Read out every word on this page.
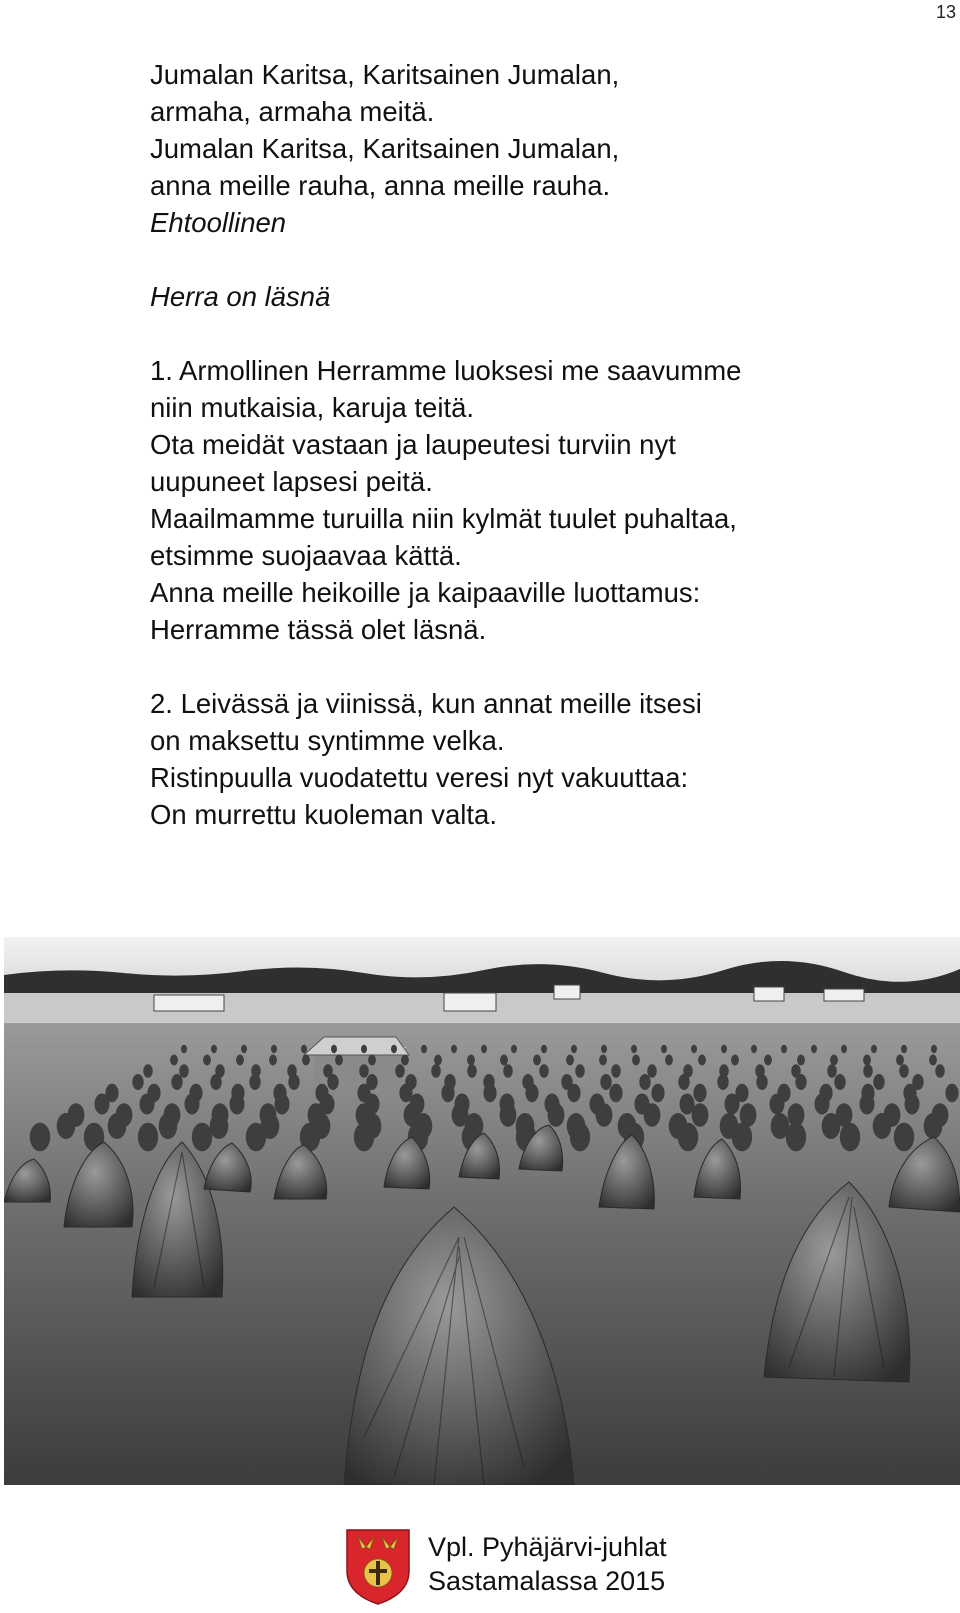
13
Jumalan Karitsa, Karitsainen Jumalan,
armaha, armaha meitä.
Jumalan Karitsa, Karitsainen Jumalan,
anna meille rauha, anna meille rauha.
Ehtoollinen
Herra on läsnä
1. Armollinen Herramme luoksesi me saavumme
niin mutkaisia, karuja teitä.
Ota meidät vastaan ja laupeutesi turviin nyt
uupuneet lapsesi peitä.
Maailmamme turuilla niin kylmät tuulet puhaltaa,
etsimme suojaavaa kättä.
Anna meille heikoille ja kaipaaville luottamus:
Herramme tässä olet läsnä.
2. Leivässä ja viinissä, kun annat meille itsesi
on maksettu syntimme velka.
Ristinpuulla vuodatettu veresi nyt vakuuttaa:
On murrettu kuoleman valta.
Vpl. Pyhäjärvi-juhlat
Sastamalassa 2015
